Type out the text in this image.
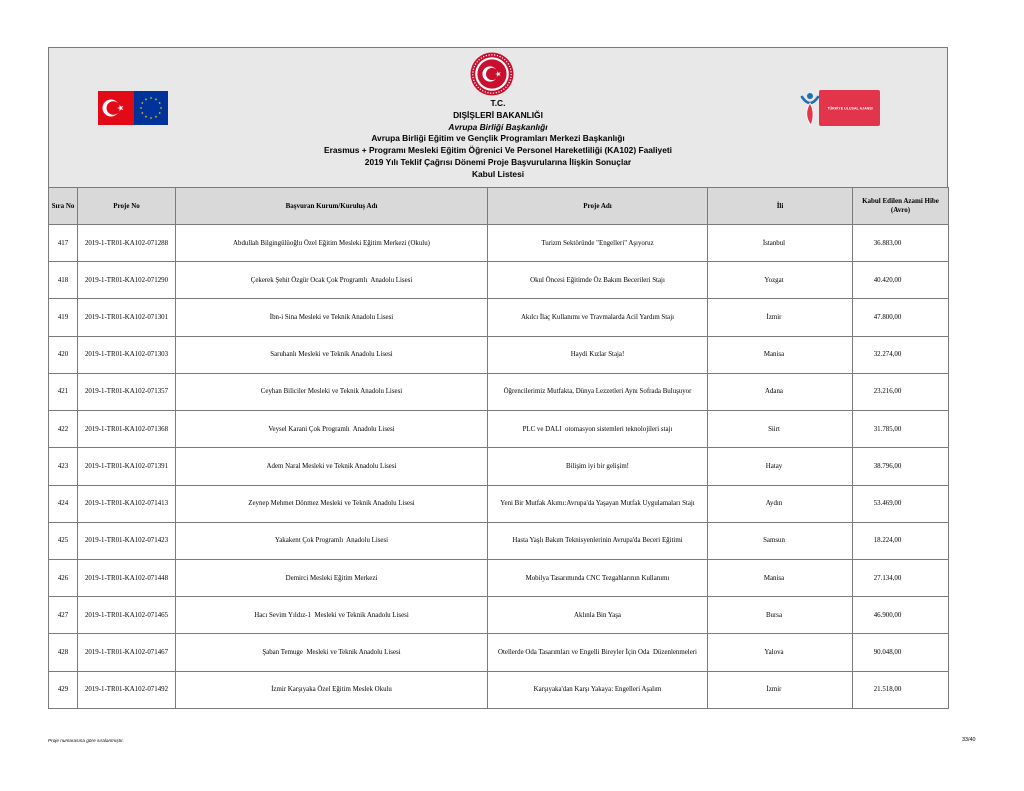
TÜRKİYE ULUSAL AJANSI
T.C.
DIŞİŞLERİ BAKANLIĞI
Avrupa Birliği Başkanlığı
Avrupa Birliği Eğitim ve Gençlik Programları Merkezi Başkanlığı
Erasmus + Programı Mesleki Eğitim Öğrenici Ve Personel Hareketliliği (KA102) Faaliyeti
2019 Yılı Teklif Çağrısı Dönemi Proje Başvurularına İlişkin Sonuçlar
Kabul Listesi
Sıra No	Proje No	Başvuran Kurum/Kuruluş Adı	Proje Adı	İli	Kabul Edilen Azami Hibe (Avro)
417	2019-1-TR01-KA102-071288	Abdullah Bilgingülüoğlu Özel Eğitim Mesleki Eğitim Merkezi (Okulu)	Turizm Sektöründe "Engelleri" Aşıyoruz	İstanbul	36.883,00
418	2019-1-TR01-KA102-071290	Çekerek Şehit Özgür Ocak Çok Programlı  Anadolu Lisesi	Okul Öncesi Eğitimde Öz Bakım Becerileri Stajı	Yozgat	40.420,00
419	2019-1-TR01-KA102-071301	İbn-i Sina Mesleki ve Teknik Anadolu Lisesi	Akılcı İlaç Kullanımı ve Travmalarda Acil Yardım Stajı	İzmir	47.800,00
420	2019-1-TR01-KA102-071303	Saruhanlı Mesleki ve Teknik Anadolu Lisesi	Haydi Kızlar Staja!	Manisa	32.274,00
421	2019-1-TR01-KA102-071357	Ceyhan Biliciler Mesleki ve Teknik Anadolu Lisesi	Öğrencilerimiz Mutfakta, Dünya Lezzetleri Aynı Sofrada Buluşuyor	Adana	23.216,00
422	2019-1-TR01-KA102-071368	Veysel Karani Çok Programlı  Anadolu Lisesi	PLC ve DALI  otomasyon sistemleri teknolojileri stajı	Siirt	31.785,00
423	2019-1-TR01-KA102-071391	Adem Naral Mesleki ve Teknik Anadolu Lisesi	Bilişim iyi bir gelişim!	Hatay	38.796,00
424	2019-1-TR01-KA102-071413	Zeynep Mehmet Dönmez Mesleki ve Teknik Anadolu Lisesi	Yeni Bir Mutfak Akımı:Avrupa'da Yaşayan Mutfak Uygulamaları Stajı	Aydın	53.469,00
425	2019-1-TR01-KA102-071423	Yakakent Çok Programlı  Anadolu Lisesi	Hasta Yaşlı Bakım Teknisyenlerinin Avrupa'da Beceri Eğitimi	Samsun	18.224,00
426	2019-1-TR01-KA102-071448	Demirci Mesleki Eğitim Merkezi	Mobilya Tasarımında CNC Tezgahlarının Kullanımı	Manisa	27.134,00
427	2019-1-TR01-KA102-071465	Hacı Sevim Yıldız-1  Mesleki ve Teknik Anadolu Lisesi	Aklınla Bin Yaşa	Bursa	46.900,00
428	2019-1-TR01-KA102-071467	Şaban Temuge  Mesleki ve Teknik Anadolu Lisesi	Otellerde Oda Tasarımları ve Engelli Bireyler İçin Oda  Düzenlenmeleri	Yalova	90.048,00
429	2019-1-TR01-KA102-071492	İzmir Karşıyaka Özel Eğitim Meslek Okulu	Karşıyaka'dan Karşı Yakaya: Engelleri Aşalım	İzmir	21.518,00
Proje numarasına göre sıralanmıştır.	33/40
